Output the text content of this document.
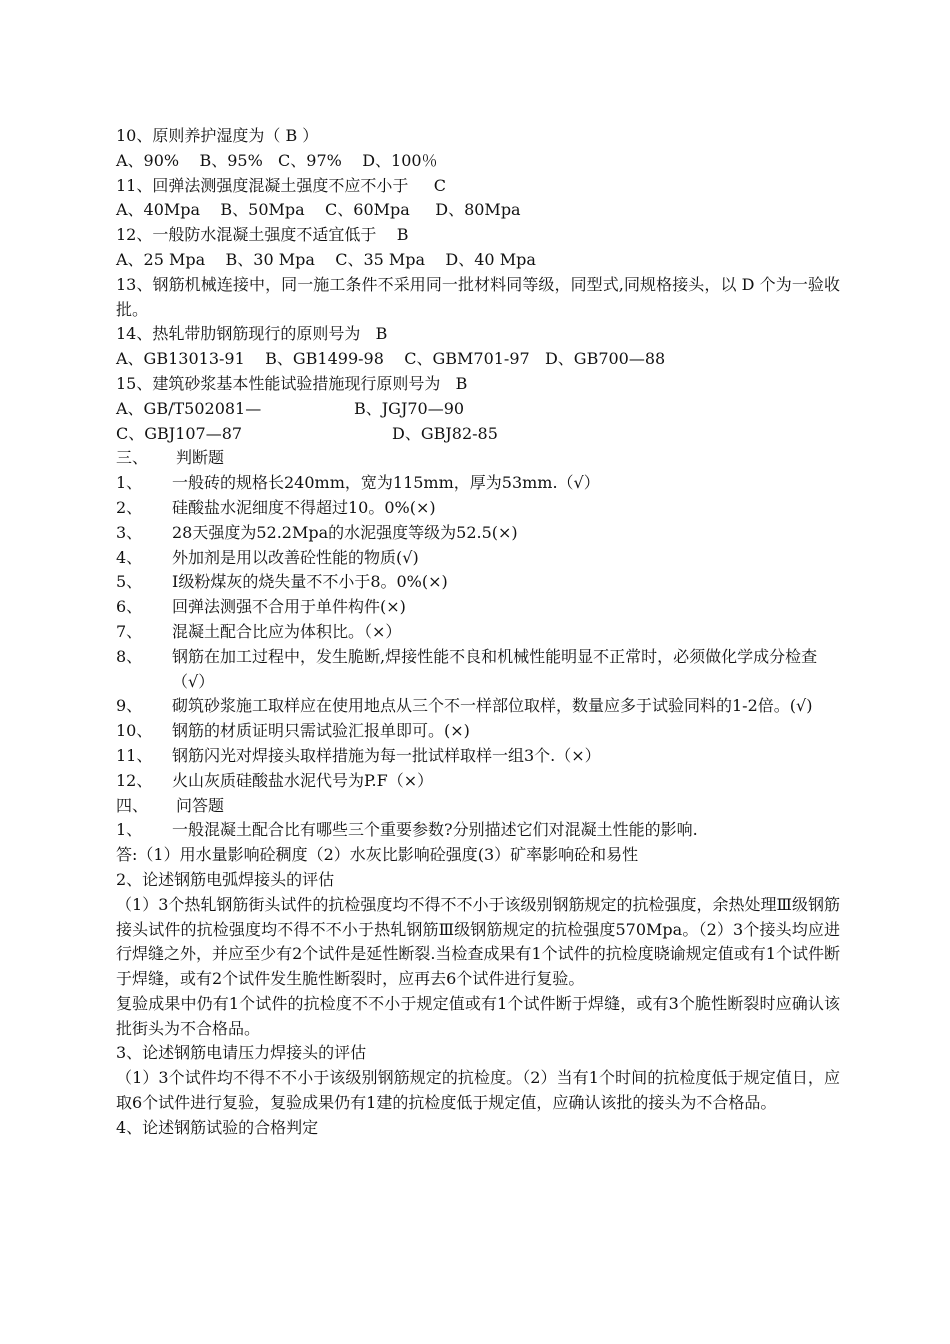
10、原则养护湿度为（ B ）
A、90%    B、95%   C、97%    D、100％
11、回弹法测强度混凝土强度不应不小于     C
A、40Mpa    B、50Mpa    C、60Mpa     D、80Mpa
12、一般防水混凝土强度不适宜低于    B
A、25 Mpa    B、30 Mpa    C、35 Mpa    D、40 Mpa
13、钢筋机械连接中，同一施工条件不采用同一批材料同等级，同型式,同规格接头，以 D 个为一验收批。
14、热轧带肋钢筋现行的原则号为   B
A、GB13013-91    B、GB1499-98    C、GBM701-97   D、GB700—88
15、建筑砂浆基本性能试验措施现行原则号为   B
A、GB/T502081—	B、JGJ70—90
C、GBJ107—87	D、GBJ82-85
三、	判断题
1、	一般砖的规格长240mm，宽为115mm，厚为53mm.（√）
2、	硅酸盐水泥细度不得超过10。0%(×)
3、	28天强度为52.2Mpa的水泥强度等级为52.5(×)
4、	外加剂是用以改善砼性能的物质(√)
5、	Ⅰ级粉煤灰的烧失量不不小于8。0%(×)
6、	回弹法测强不合用于单件构件(×)
7、	混凝土配合比应为体积比。（×）
8、	钢筋在加工过程中，发生脆断,焊接性能不良和机械性能明显不正常时，必须做化学成分检查（√）
9、	砌筑砂浆施工取样应在使用地点从三个不一样部位取样，数量应多于试验同料的1-2倍。(√)
10、	钢筋的材质证明只需试验汇报单即可。(×)
11、	钢筋闪光对焊接头取样措施为每一批试样取样一组3个.（×）
12、	火山灰质硅酸盐水泥代号为P.F（×）
四、	问答题
1、	一般混凝土配合比有哪些三个重要参数?分别描述它们对混凝土性能的影响.
答:（1）用水量影响砼稠度（2）水灰比影响砼强度(3）矿率影响砼和易性
2、论述钢筋电弧焊接头的评估
（1）3个热轧钢筋街头试件的抗检强度均不得不不小于该级别钢筋规定的抗检强度，余热处理Ⅲ级钢筋接头试件的抗检强度均不得不不小于热轧钢筋Ⅲ级钢筋规定的抗检强度570Mpa。（2）3个接头均应进行焊缝之外，并应至少有2个试件是延性断裂.当检查成果有1个试件的抗检度晓谕规定值或有1个试件断于焊缝，或有2个试件发生脆性断裂时，应再去6个试件进行复验。
复验成果中仍有1个试件的抗检度不不小于规定值或有1个试件断于焊缝，或有3个脆性断裂时应确认该批街头为不合格品。
3、论述钢筋电请压力焊接头的评估
（1）3个试件均不得不不小于该级别钢筋规定的抗检度。（2）当有1个时间的抗检度低于规定值日，应取6个试件进行复验，复验成果仍有1建的抗检度低于规定值，应确认该批的接头为不合格品。
4、论述钢筋试验的合格判定
